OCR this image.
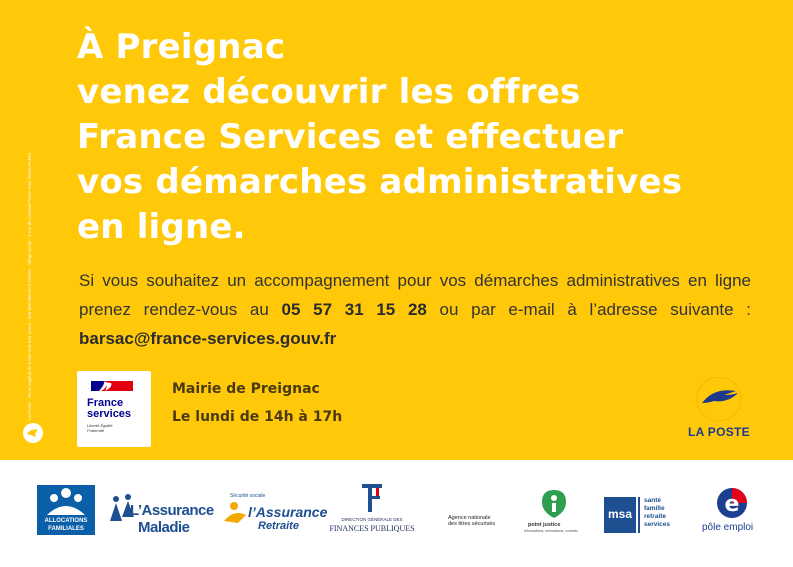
La Poste - SA au capital de 5 620 325 816 euros - 356 000 000 RCS PARIS - Siège social : 9 rue du Colonel Pierre Avia 75015 PARIS
À Preignac
venez découvrir les offres
France Services et effectuer
vos démarches administratives
en ligne.
Si vous souhaitez un accompagnement pour vos démarches administratives en ligne prenez rendez-vous au 05 57 31 15 28 ou par e-mail à l’adresse suivante : barsac@france-services.gouv.fr
France
services
Liberté Égalité Fraternité
Mairie de Preignac
Le lundi de 14h à 17h
LA POSTE
ALLOCATIONS
FAMILIALES
L’Assurance
Maladie
Sécurité sociale
l’Assurance
Retraite
DIRECTION GÉNÉRALE DES
FINANCES PUBLIQUES
Agence nationale
des titres sécurisés	point justice
Informations, orientations, conseils
msa
santé
famille
retraite
services
e
pôle emploi
